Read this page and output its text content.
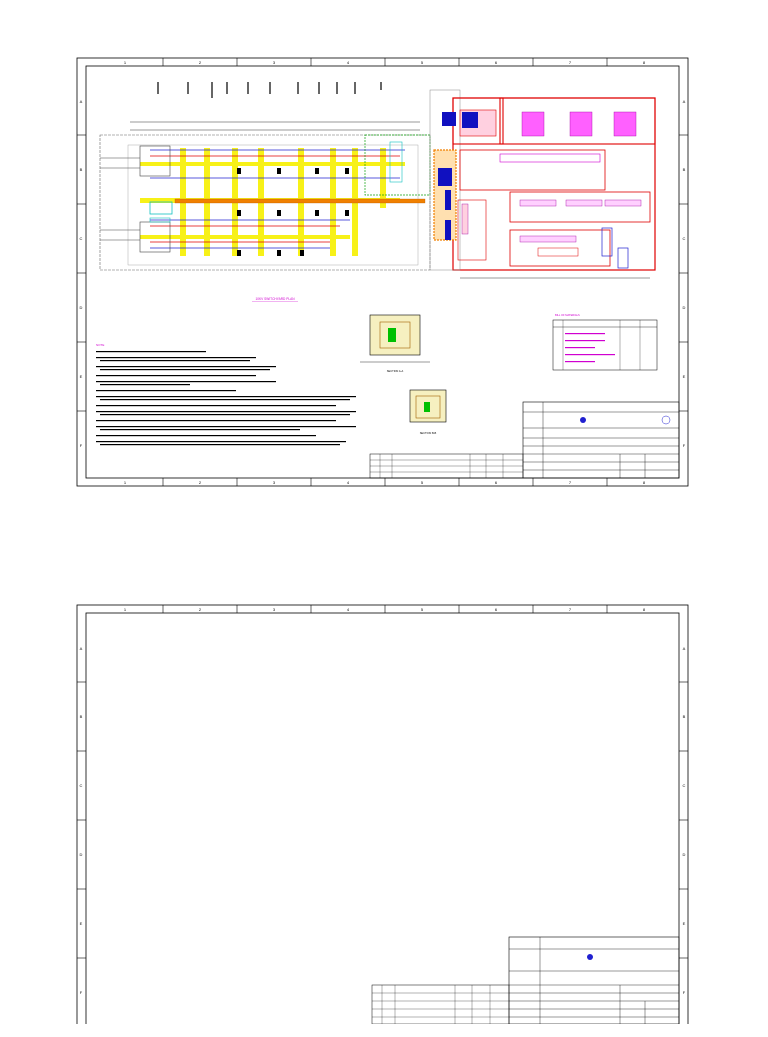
1	2	3	4	5	6	7	8
1	2	3	4	5	6	7	8
A
B
C
D
E
F
A
B
C
D
E
F
10KV SWITCHYARD PLAN
SECTION A-A
SECTION B-B
NOTE
BILL OF MATERIALS
1	2	3	4	5	6	7	8
A
B
C
D
E
F
A
B
C
D
E
F
